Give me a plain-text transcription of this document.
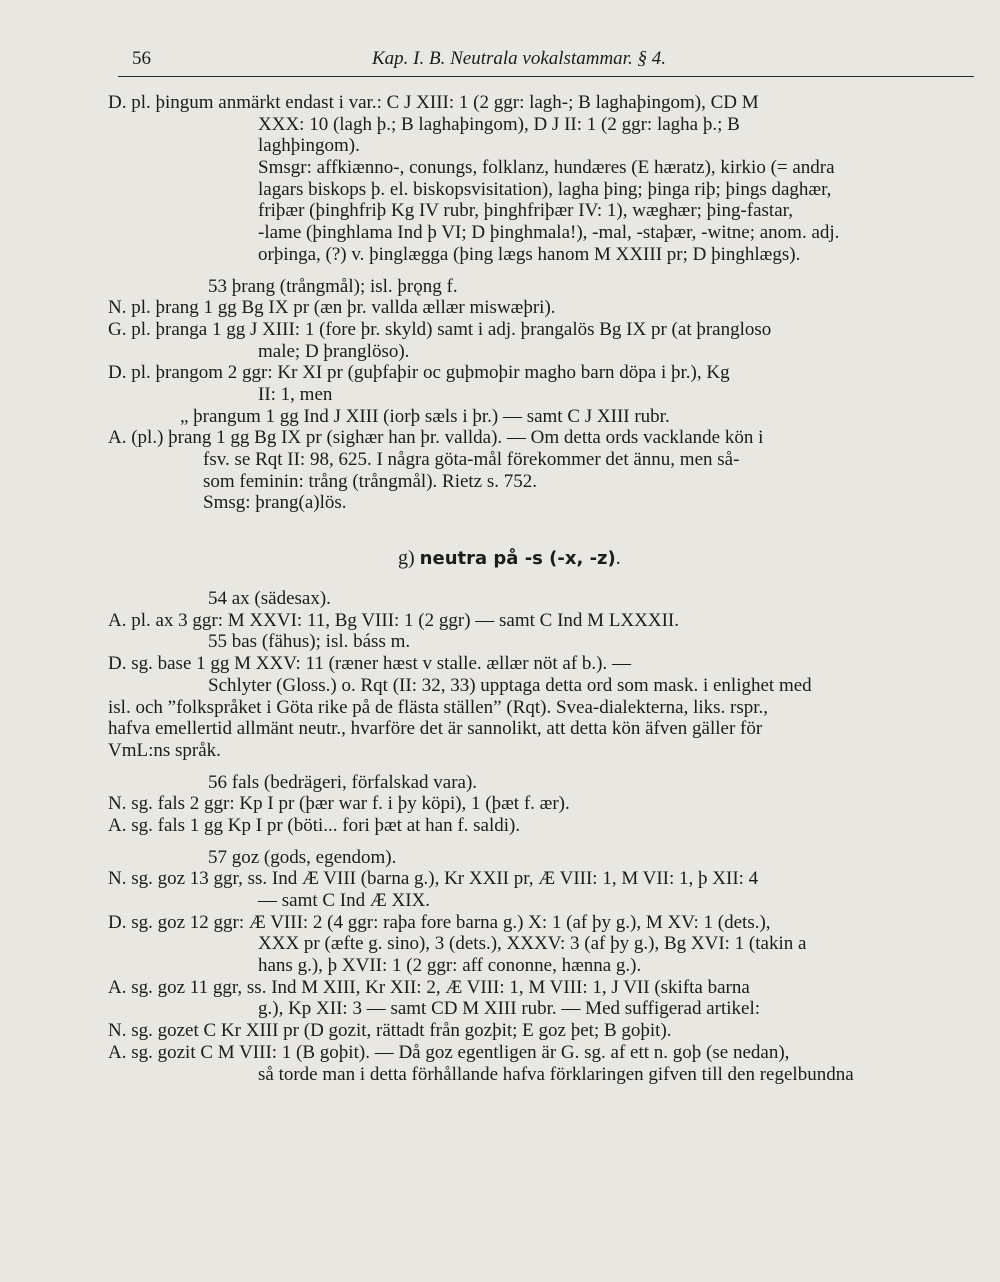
56	Kap. I. B. Neutrala vokalstammar. § 4.
D. pl. þingum anmärkt endast i var.: C J XIII: 1 (2 ggr: lagh-; B laghaþingom), CD M
XXX: 10 (lagh þ.; B laghaþingom), D J II: 1 (2 ggr: lagha þ.; B
laghþingom).
Smsgr: affkiænno-, conungs, folklanz, hundæres (E hæratz), kirkio (= andra
lagars biskops þ. el. biskopsvisitation), lagha þing; þinga riþ; þings daghær,
friþær (þinghfriþ Kg IV rubr, þinghfriþær IV: 1), wæghær; þing-fastar,
-lame (þinghlama Ind þ VI; D þinghmala!), -mal, -staþær, -witne; anom. adj.
orþinga, (?) v. þinglægga (þing lægs hanom M XXIII pr; D þinghlægs).
53 þrang (trångmål); isl. þrǫng f.
N. pl. þrang 1 gg Bg IX pr (æn þr. vallda ællær miswæþri).
G. pl. þranga 1 gg J XIII: 1 (fore þr. skyld) samt i adj. þrangalös Bg IX pr (at þrangloso
male; D þranglöso).
D. pl. þrangom 2 ggr: Kr XI pr (guþfaþir oc guþmoþir magho barn döpa i þr.), Kg
II: 1, men
„ þrangum 1 gg Ind J XIII (iorþ sæls i þr.) — samt C J XIII rubr.
A. (pl.) þrang 1 gg Bg IX pr (sighær han þr. vallda). — Om detta ords vacklande kön i
fsv. se Rqt II: 98, 625. I några göta-mål förekommer det ännu, men så-
som feminin: trång (trångmål). Rietz s. 752.
Smsg: þrang(a)lös.
g) neutra på -s (-x, -z).
54 ax (sädesax).
A. pl. ax 3 ggr: M XXVI: 11, Bg VIII: 1 (2 ggr) — samt C Ind M LXXXII.
55 bas (fähus); isl. báss m.
D. sg. base 1 gg M XXV: 11 (ræner hæst v stalle. ællær nöt af b.). —
Schlyter (Gloss.) o. Rqt (II: 32, 33) upptaga detta ord som mask. i enlighet med
isl. och ”folkspråket i Göta rike på de flästa ställen” (Rqt). Svea-dialekterna, liks. rspr.,
hafva emellertid allmänt neutr., hvarföre det är sannolikt, att detta kön äfven gäller för
VmL:ns språk.
56 fals (bedrägeri, förfalskad vara).
N. sg. fals 2 ggr: Kp I pr (þær war f. i þy köpi), 1 (þæt f. ær).
A. sg. fals 1 gg Kp I pr (böti... fori þæt at han f. saldi).
57 goz (gods, egendom).
N. sg. goz 13 ggr, ss. Ind Æ VIII (barna g.), Kr XXII pr, Æ VIII: 1, M VII: 1, þ XII: 4
— samt C Ind Æ XIX.
D. sg. goz 12 ggr: Æ VIII: 2 (4 ggr: raþa fore barna g.) X: 1 (af þy g.), M XV: 1 (dets.),
XXX pr (æfte g. sino), 3 (dets.), XXXV: 3 (af þy g.), Bg XVI: 1 (takin a
hans g.), þ XVII: 1 (2 ggr: aff cononne, hænna g.).
A. sg. goz 11 ggr, ss. Ind M XIII, Kr XII: 2, Æ VIII: 1, M VIII: 1, J VII (skifta barna
g.), Kp XII: 3 — samt CD M XIII rubr. — Med suffigerad artikel:
N. sg. gozet C Kr XIII pr (D gozit, rättadt från gozþit; E goz þet; B goþit).
A. sg. gozit C M VIII: 1 (B goþit). — Då goz egentligen är G. sg. af ett n. goþ (se nedan),
så torde man i detta förhållande hafva förklaringen gifven till den regelbundna
